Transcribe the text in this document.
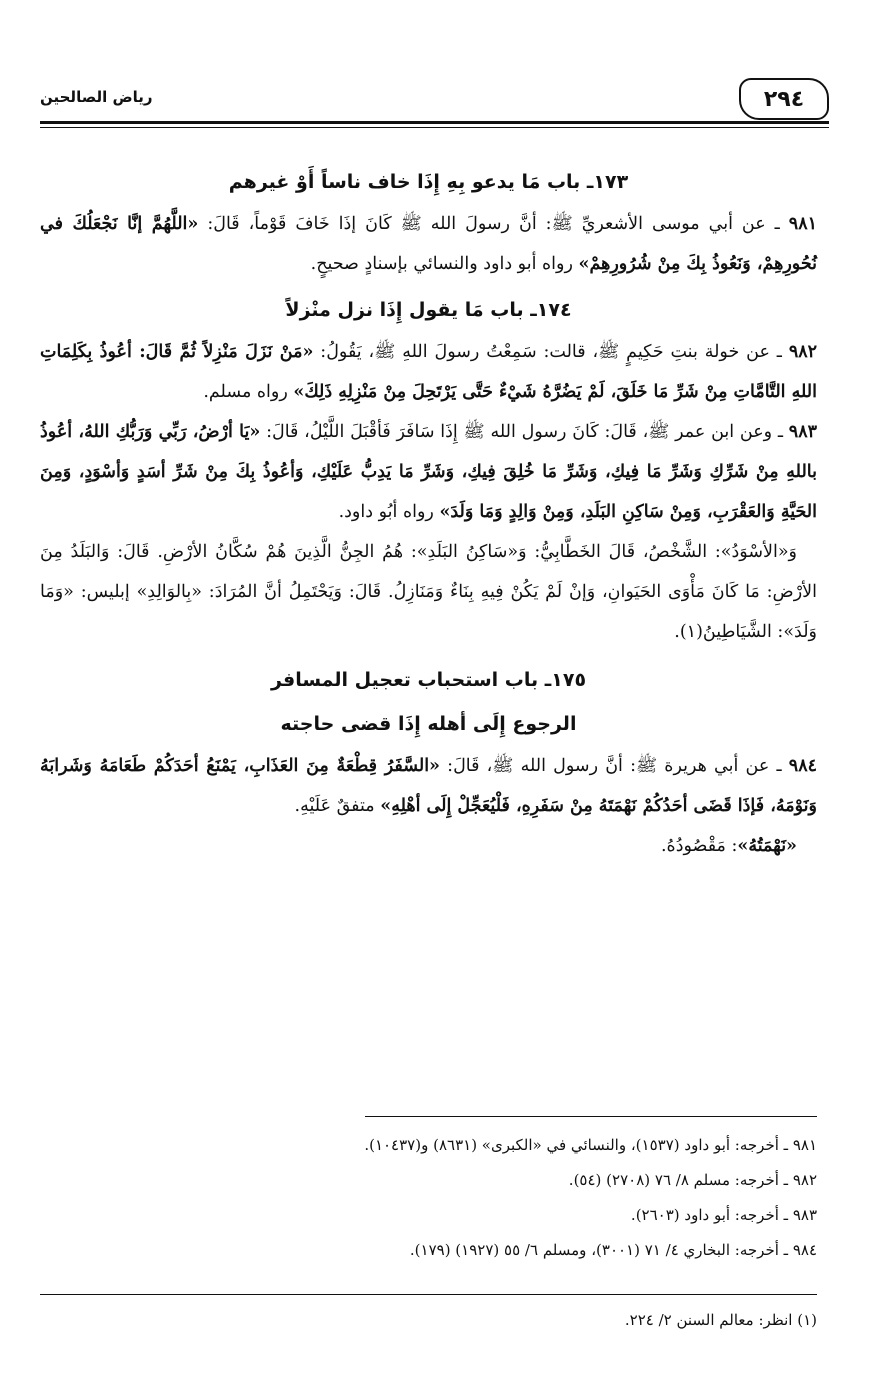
٢٩٤
رياض الصالحين
١٧٣ـ باب مَا يدعو بِهِ إِذَا خاف ناساً أَوْ غيرهم

٩٨١ ـ عن أبي موسى الأشعريِّ ﷺ: أنَّ رسولَ الله ﷺ كَانَ إذَا خَافَ قَوْماً، قَالَ: «اللَّهُمَّ إنَّا نَجْعَلُكَ في نُحُورِهِمْ، وَنَعُوذُ بِكَ مِنْ شُرُورِهِمْ» رواه أبو داود والنسائي بإسنادٍ صحيحٍ.

١٧٤ـ باب مَا يقول إِذَا نزل منْزلاً

٩٨٢ ـ عن خولة بنتِ حَكِيمٍ ﷺ، قالت: سَمِعْتُ رسولَ اللهِ ﷺ، يَقُولُ: «مَنْ نَزَلَ مَنْزِلاً ثُمَّ قَالَ: أعُوذُ بِكَلِمَاتِ اللهِ التَّامَّاتِ مِنْ شَرِّ مَا خَلَقَ، لَمْ يَضُرَّهُ شَيْءٌ حَتَّى يَرْتَحِلَ مِنْ مَنْزِلِهِ ذَلِكَ» رواه مسلم.

٩٨٣ ـ وعن ابن عمر ﷺ، قَالَ: كَانَ رسول الله ﷺ إِذَا سَافَرَ فَأقْبَلَ اللَّيْلُ، قَالَ: «يَا أرْضُ، رَبِّي وَرَبُّكِ اللهُ، أعُوذُ باللهِ مِنْ شَرِّكِ وَشَرِّ مَا فِيكِ، وَشَرِّ مَا خُلِقَ فِيكِ، وَشَرِّ مَا يَدِبُّ عَلَيْكِ، وَأعُوذُ بِكَ مِنْ شَرِّ أسَدٍ وَأسْوَدٍ، وَمِنَ الحَيَّةِ وَالعَقْرَبِ، وَمِنْ سَاكِنِ البَلَدِ، وَمِنْ وَالِدٍ وَمَا وَلَدَ» رواه أبُو داود.

وَ«الأسْوَدُ»: الشَّخْصُ، قَالَ الخَطَّابِيُّ: وَ«سَاكِنُ البَلَدِ»: هُمُ الجِنُّ الَّذِينَ هُمْ سُكَّانُ الأرْضِ. قَالَ: وَالبَلَدُ مِنَ الأرْضِ: مَا كَانَ مَأْوَى الحَيَوانِ، وَإنْ لَمْ يَكُنْ فِيهِ بِنَاءٌ وَمَنَازِلُ. قَالَ: وَيَحْتَمِلُ أنَّ المُرَادَ: «بِالوَالِدِ» إبليس: «وَمَا وَلَدَ»: الشَّيَاطِينُ(١).

١٧٥ـ باب استحباب تعجيل المسافر
الرجوع إِلَى أهله إِذَا قضى حاجته

٩٨٤ ـ عن أبي هريرة ﷺ: أنَّ رسول الله ﷺ، قَالَ: «السَّفَرُ قِطْعَةٌ مِنَ العَذَابِ، يَمْنَعُ أحَدَكُمْ طَعَامَهُ وَشَرابَهُ وَنَوْمَهُ، فَإذَا قَضَى أحَدُكُمْ نَهْمَتَهُ مِنْ سَفَرِهِ، فَلْيُعَجِّلْ إِلَى أهْلِهِ» متفقٌ عَلَيْهِ.

«نَهْمَتُهُ»: مَقْصُودُهُ.

٩٨١ ـ أخرجه: أبو داود (١٥٣٧)، والنسائي في «الكبرى» (٨٦٣١) و(١٠٤٣٧).
٩٨٢ ـ أخرجه: مسلم ٨/ ٧٦ (٢٧٠٨) (٥٤).
٩٨٣ ـ أخرجه: أبو داود (٢٦٠٣).
٩٨٤ ـ أخرجه: البخاري ٤/ ٧١ (٣٠٠١)، ومسلم ٦/ ٥٥ (١٩٢٧) (١٧٩).
(١) انظر: معالم السنن ٢/ ٢٢٤.
